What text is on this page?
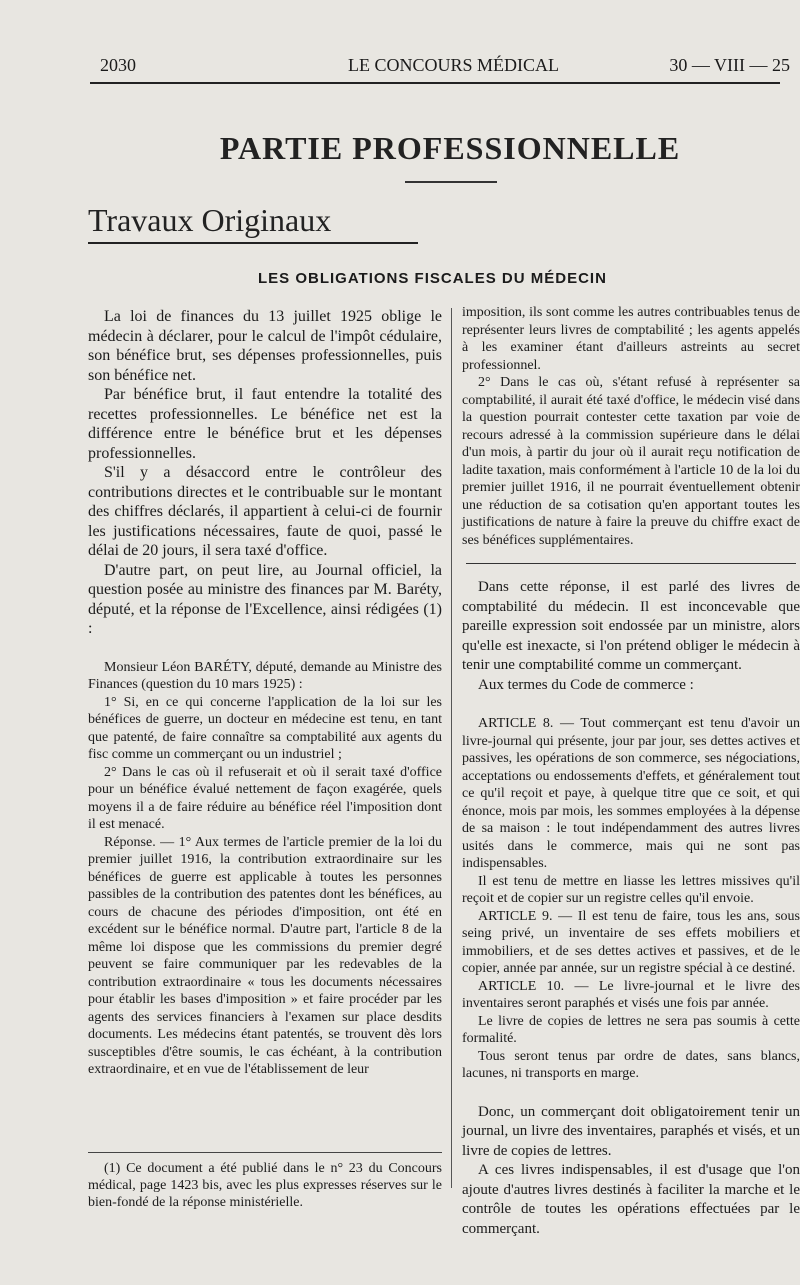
2030	LE CONCOURS MÉDICAL	30 — VIII — 25
PARTIE PROFESSIONNELLE
Travaux Originaux
LES OBLIGATIONS FISCALES DU MÉDECIN

La loi de finances du 13 juillet 1925 oblige le médecin à déclarer, pour le calcul de l'impôt cédulaire, son bénéfice brut, ses dépenses professionnelles, puis son bénéfice net.

Par bénéfice brut, il faut entendre la totalité des recettes professionnelles. Le bénéfice net est la différence entre le bénéfice brut et les dépenses professionnelles.

S'il y a désaccord entre le contrôleur des contributions directes et le contribuable sur le montant des chiffres déclarés, il appartient à celui-ci de fournir les justifications nécessaires, faute de quoi, passé le délai de 20 jours, il sera taxé d'office.

D'autre part, on peut lire, au Journal officiel, la question posée au ministre des finances par M. Baréty, député, et la réponse de l'Excellence, ainsi rédigées (1) :

Monsieur Léon BARÉTY, député, demande au Ministre des Finances (question du 10 mars 1925) :

1° Si, en ce qui concerne l'application de la loi sur les bénéfices de guerre, un docteur en médecine est tenu, en tant que patenté, de faire connaître sa comptabilité aux agents du fisc comme un commerçant ou un industriel ;

2° Dans le cas où il refuserait et où il serait taxé d'office pour un bénéfice évalué nettement de façon exagérée, quels moyens il a de faire réduire au bénéfice réel l'imposition dont il est menacé.

Réponse. — 1° Aux termes de l'article premier de la loi du premier juillet 1916, la contribution extraordinaire sur les bénéfices de guerre est applicable à toutes les personnes passibles de la contribution des patentes dont les bénéfices, au cours de chacune des périodes d'imposition, ont été en excédent sur le bénéfice normal. D'autre part, l'article 8 de la même loi dispose que les commissions du premier degré peuvent se faire communiquer par les redevables de la contribution extraordinaire « tous les documents nécessaires pour établir les bases d'imposition » et faire procéder par les agents des services financiers à l'examen sur place desdits documents. Les médecins étant patentés, se trouvent dès lors susceptibles d'être soumis, le cas échéant, à la contribution extraordinaire, et en vue de l'établissement de leur

imposition, ils sont comme les autres contribuables tenus de représenter leurs livres de comptabilité ; les agents appelés à les examiner étant d'ailleurs astreints au secret professionnel.

2° Dans le cas où, s'étant refusé à représenter sa comptabilité, il aurait été taxé d'office, le médecin visé dans la question pourrait contester cette taxation par voie de recours adressé à la commission supérieure dans le délai d'un mois, à partir du jour où il aurait reçu notification de ladite taxation, mais conformément à l'article 10 de la loi du premier juillet 1916, il ne pourrait éventuellement obtenir une réduction de sa cotisation qu'en apportant toutes les justifications de nature à faire la preuve du chiffre exact de ses bénéfices supplémentaires.

Dans cette réponse, il est parlé des livres de comptabilité du médecin. Il est inconcevable que pareille expression soit endossée par un ministre, alors qu'elle est inexacte, si l'on prétend obliger le médecin à tenir une comptabilité comme un commerçant.

Aux termes du Code de commerce :

ARTICLE 8. — Tout commerçant est tenu d'avoir un livre-journal qui présente, jour par jour, ses dettes actives et passives, les opérations de son commerce, ses négociations, acceptations ou endossements d'effets, et généralement tout ce qu'il reçoit et paye, à quelque titre que ce soit, et qui énonce, mois par mois, les sommes employées à la dépense de sa maison : le tout indépendamment des autres livres usités dans le commerce, mais qui ne sont pas indispensables.

Il est tenu de mettre en liasse les lettres missives qu'il reçoit et de copier sur un registre celles qu'il envoie.

ARTICLE 9. — Il est tenu de faire, tous les ans, sous seing privé, un inventaire de ses effets mobiliers et immobiliers, et de ses dettes actives et passives, et de le copier, année par année, sur un registre spécial à ce destiné.

ARTICLE 10. — Le livre-journal et le livre des inventaires seront paraphés et visés une fois par année.

Le livre de copies de lettres ne sera pas soumis à cette formalité.

Tous seront tenus par ordre de dates, sans blancs, lacunes, ni transports en marge.

Donc, un commerçant doit obligatoirement tenir un journal, un livre des inventaires, paraphés et visés, et un livre de copies de lettres.

A ces livres indispensables, il est d'usage que l'on ajoute d'autres livres destinés à faciliter la marche et le contrôle de toutes les opérations effectuées par le commerçant.

(1) Ce document a été publié dans le n° 23 du Concours médical, page 1423 bis, avec les plus expresses réserves sur le bien-fondé de la réponse ministérielle.
